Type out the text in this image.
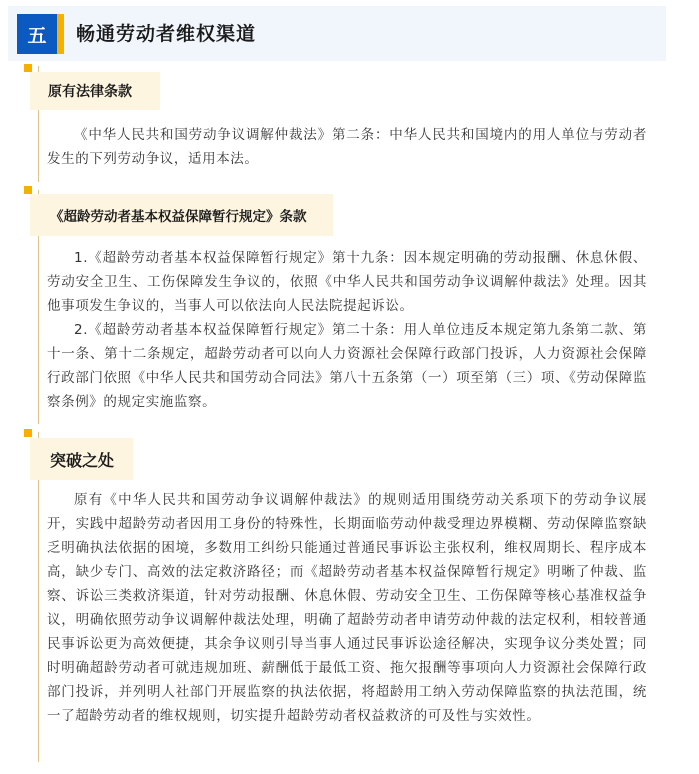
五	畅通劳动者维权渠道
原有法律条款

《中华人民共和国劳动争议调解仲裁法》第二条：中华人民共和国境内的用人单位与劳动者发生的下列劳动争议，适用本法。

《超龄劳动者基本权益保障暂行规定》条款

1.《超龄劳动者基本权益保障暂行规定》第十九条：因本规定明确的劳动报酬、休息休假、劳动安全卫生、工伤保障发生争议的，依照《中华人民共和国劳动争议调解仲裁法》处理。因其他事项发生争议的，当事人可以依法向人民法院提起诉讼。

2.《超龄劳动者基本权益保障暂行规定》第二十条：用人单位违反本规定第九条第二款、第十一条、第十二条规定，超龄劳动者可以向人力资源社会保障行政部门投诉，人力资源社会保障行政部门依照《中华人民共和国劳动合同法》第八十五条第（一）项至第（三）项、《劳动保障监察条例》的规定实施监察。

突破之处

原有《中华人民共和国劳动争议调解仲裁法》的规则适用围绕劳动关系项下的劳动争议展开，实践中超龄劳动者因用工身份的特殊性，长期面临劳动仲裁受理边界模糊、劳动保障监察缺乏明确执法依据的困境，多数用工纠纷只能通过普通民事诉讼主张权利，维权周期长、程序成本高，缺少专门、高效的法定救济路径；而《超龄劳动者基本权益保障暂行规定》明晰了仲裁、监察、诉讼三类救济渠道，针对劳动报酬、休息休假、劳动安全卫生、工伤保障等核心基准权益争议，明确依照劳动争议调解仲裁法处理，明确了超龄劳动者申请劳动仲裁的法定权利，相较普通民事诉讼更为高效便捷，其余争议则引导当事人通过民事诉讼途径解决，实现争议分类处置；同时明确超龄劳动者可就违规加班、薪酬低于最低工资、拖欠报酬等事项向人力资源社会保障行政部门投诉，并列明人社部门开展监察的执法依据，将超龄用工纳入劳动保障监察的执法范围，统一了超龄劳动者的维权规则，切实提升超龄劳动者权益救济的可及性与实效性。
